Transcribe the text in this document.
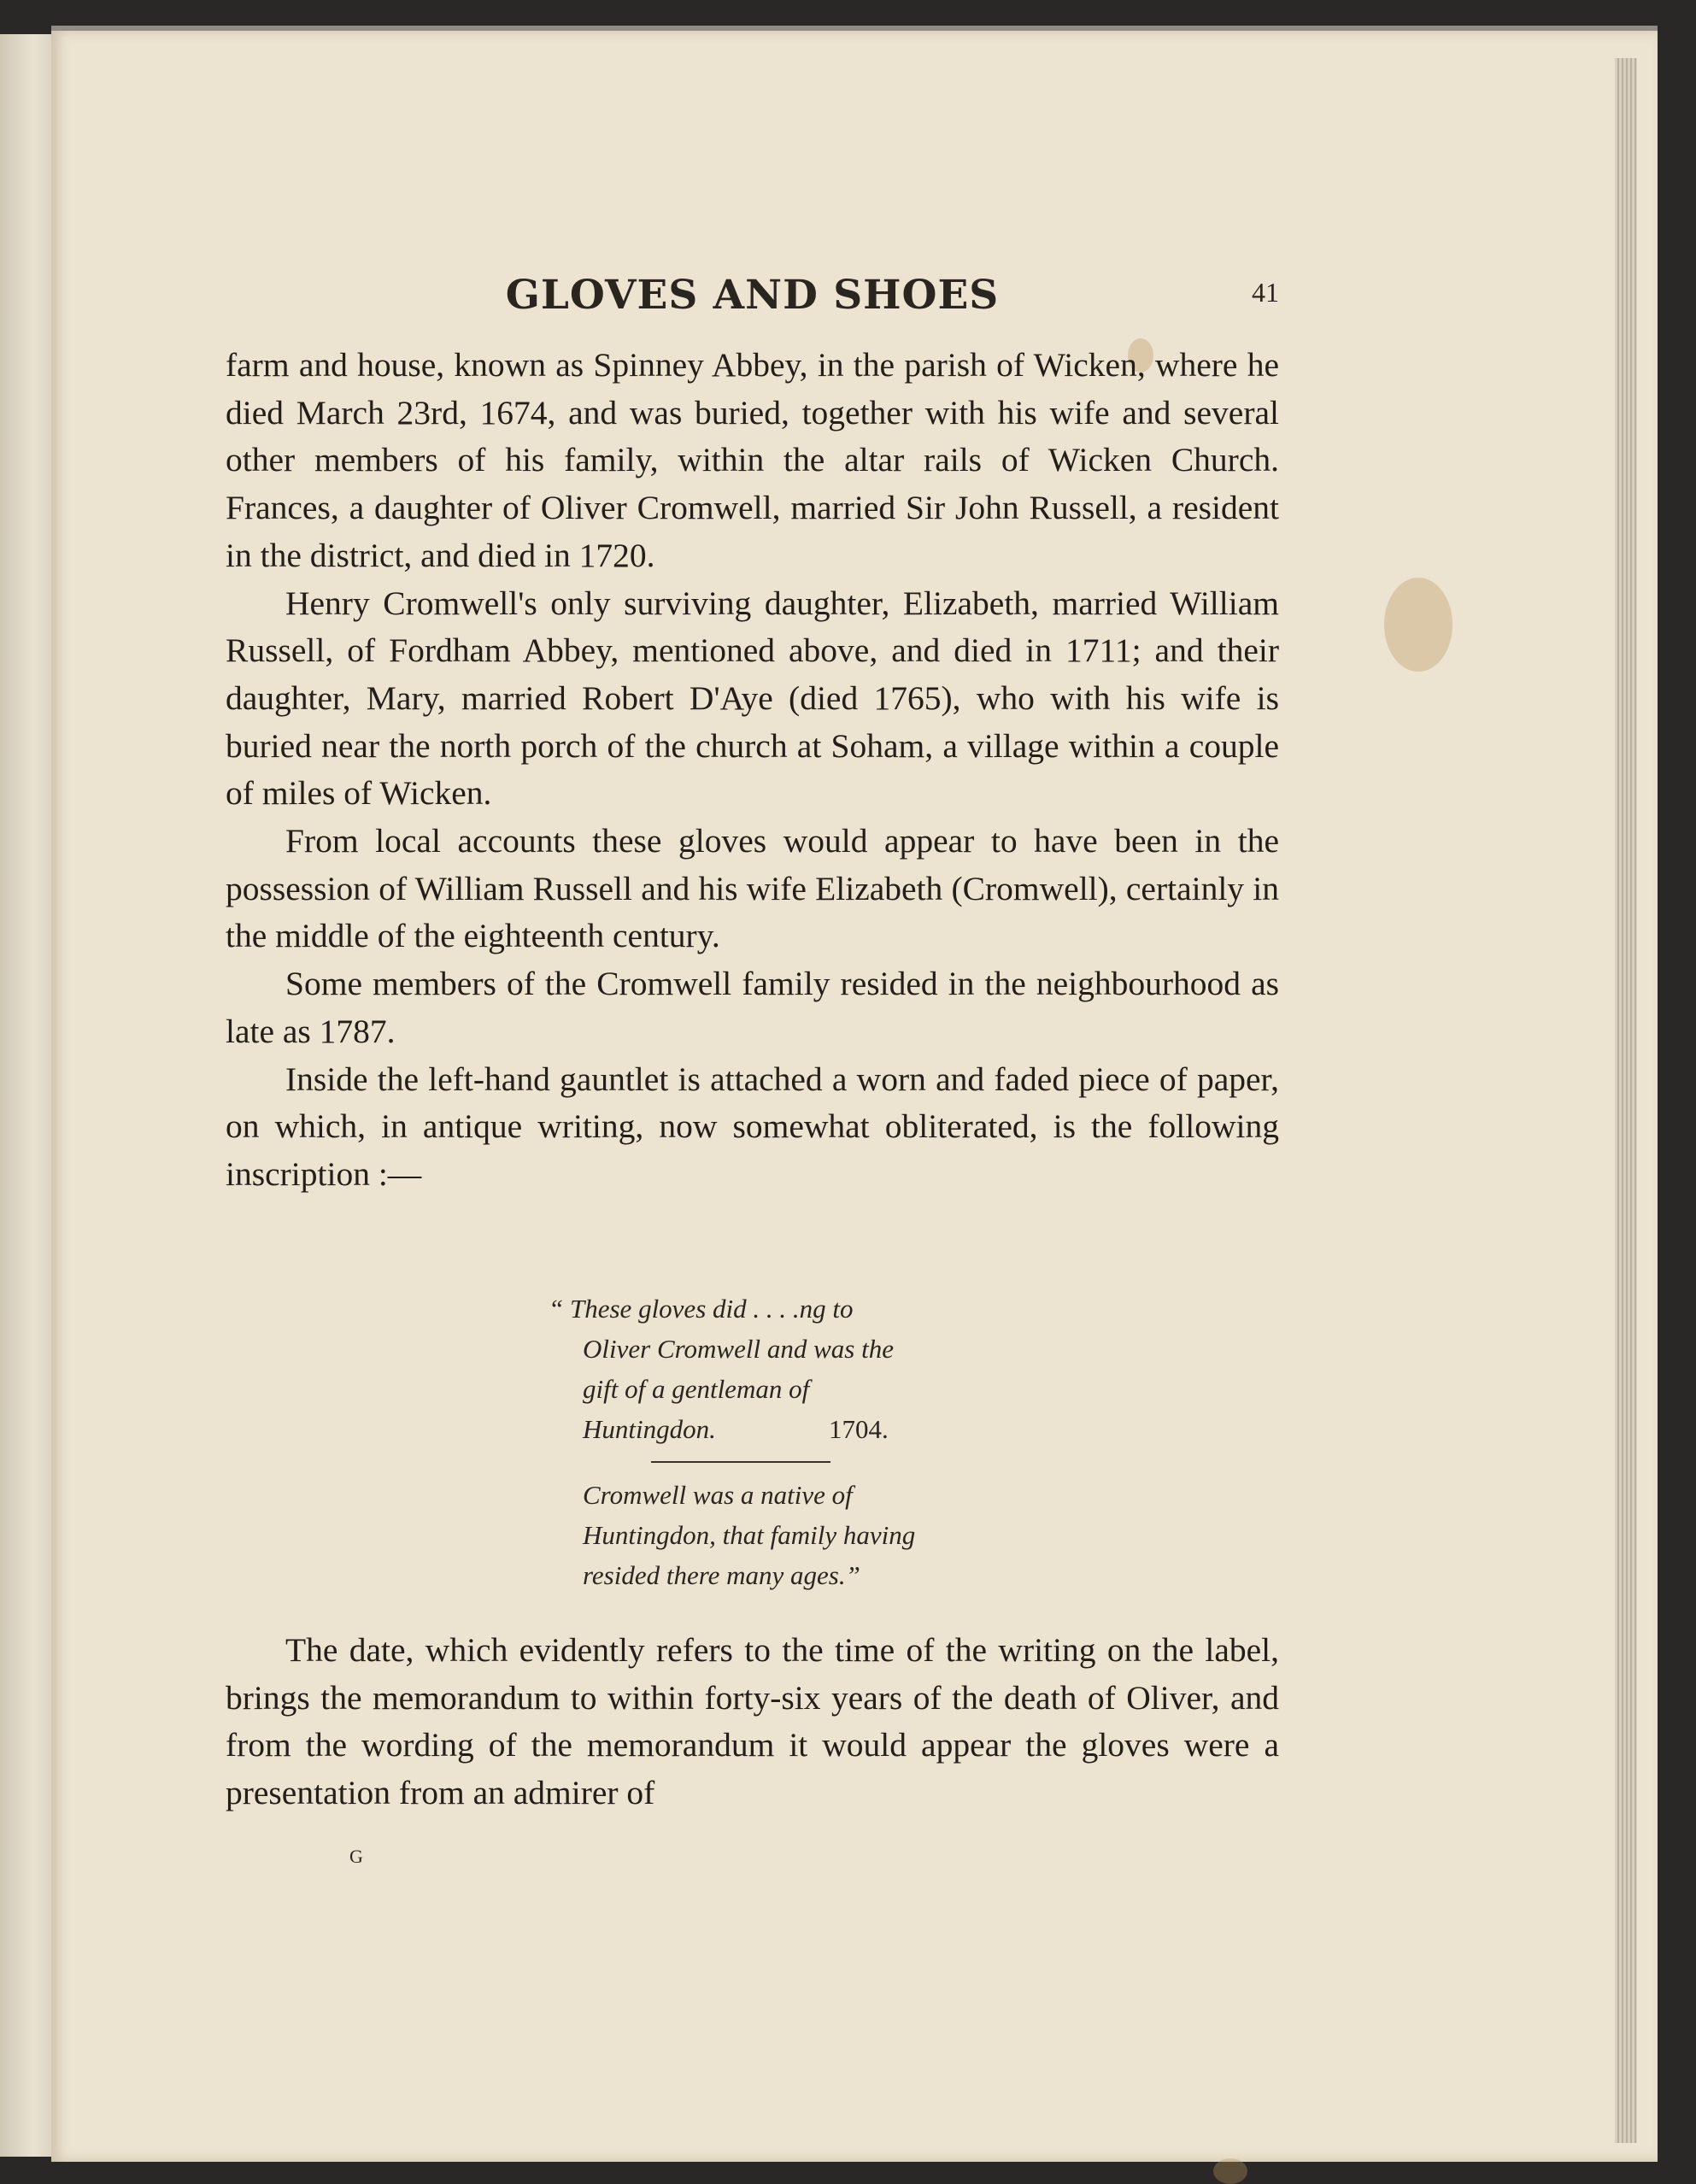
GLOVES AND SHOES	41

farm and house, known as Spinney Abbey, in the parish of Wicken, where he died March 23rd, 1674, and was buried, together with his wife and several other members of his family, within the altar rails of Wicken Church. Frances, a daughter of Oliver Cromwell, married Sir John Russell, a resident in the district, and died in 1720.

Henry Cromwell's only surviving daughter, Elizabeth, married William Russell, of Fordham Abbey, mentioned above, and died in 1711; and their daughter, Mary, married Robert D'Aye (died 1765), who with his wife is buried near the north porch of the church at Soham, a village within a couple of miles of Wicken.

From local accounts these gloves would appear to have been in the possession of William Russell and his wife Elizabeth (Cromwell), certainly in the middle of the eighteenth century.

Some members of the Cromwell family resided in the neighbourhood as late as 1787.

Inside the left-hand gauntlet is attached a worn and faded piece of paper, on which, in antique writing, now somewhat obliterated, is the following inscription :—

“ These gloves did . . . .ng to
Oliver Cromwell and was the
gift of a gentleman of
Huntingdon.	1704.
Cromwell was a native of
Huntingdon, that family having
resided there many ages.”

The date, which evidently refers to the time of the writing on the label, brings the memorandum to within forty-six years of the death of Oliver, and from the wording of the memorandum it would appear the gloves were a presentation from an admirer of

G
